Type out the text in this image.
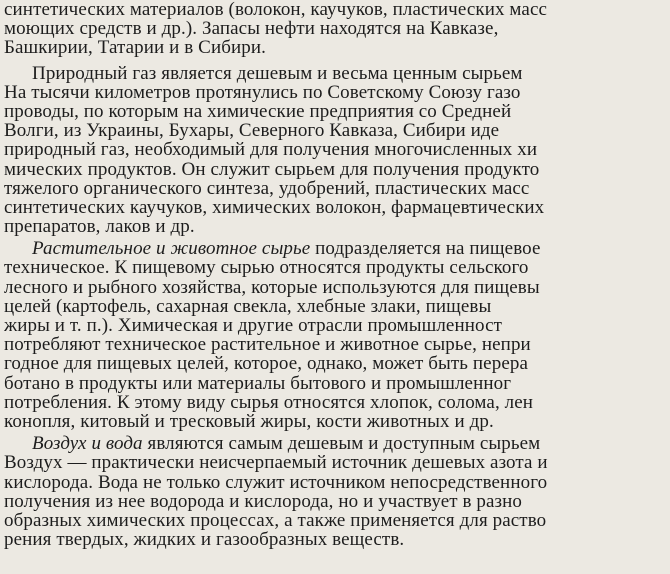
синтетических материалов (волокон, каучуков, пластических масс
моющих средств и др.). Запасы нефти находятся на Кавказе,
Башкирии, Татарии и в Сибири.
Природный газ является дешевым и весьма ценным сырьем
На тысячи километров протянулись по Советскому Союзу газо
проводы, по которым на химические предприятия со Средней
Волги, из Украины, Бухары, Северного Кавказа, Сибири иде
природный газ, необходимый для получения многочисленных хи
мических продуктов. Он служит сырьем для получения продукто
тяжелого органического синтеза, удобрений, пластических масс
синтетических каучуков, химических волокон, фармацевтических
препаратов, лаков и др.
Растительное и животное сырье подразделяется на пищевое
техническое. К пищевому сырью относятся продукты сельского
лесного и рыбного хозяйства, которые используются для пищевы
целей (картофель, сахарная свекла, хлебные злаки, пищевы
жиры и т. п.). Химическая и другие отрасли промышленност
потребляют техническое растительное и животное сырье, непри
годное для пищевых целей, которое, однако, может быть перера
ботано в продукты или материалы бытового и промышленног
потребления. К этому виду сырья относятся хлопок, солома, лен
конопля, китовый и тресковый жиры, кости животных и др.
Воздух и вода являются самым дешевым и доступным сырьем
Воздух — практически неисчерпаемый источник дешевых азота и
кислорода. Вода не только служит источником непосредственного
получения из нее водорода и кислорода, но и участвует в разно
образных химических процессах, а также применяется для раство
рения твердых, жидких и газообразных веществ.
